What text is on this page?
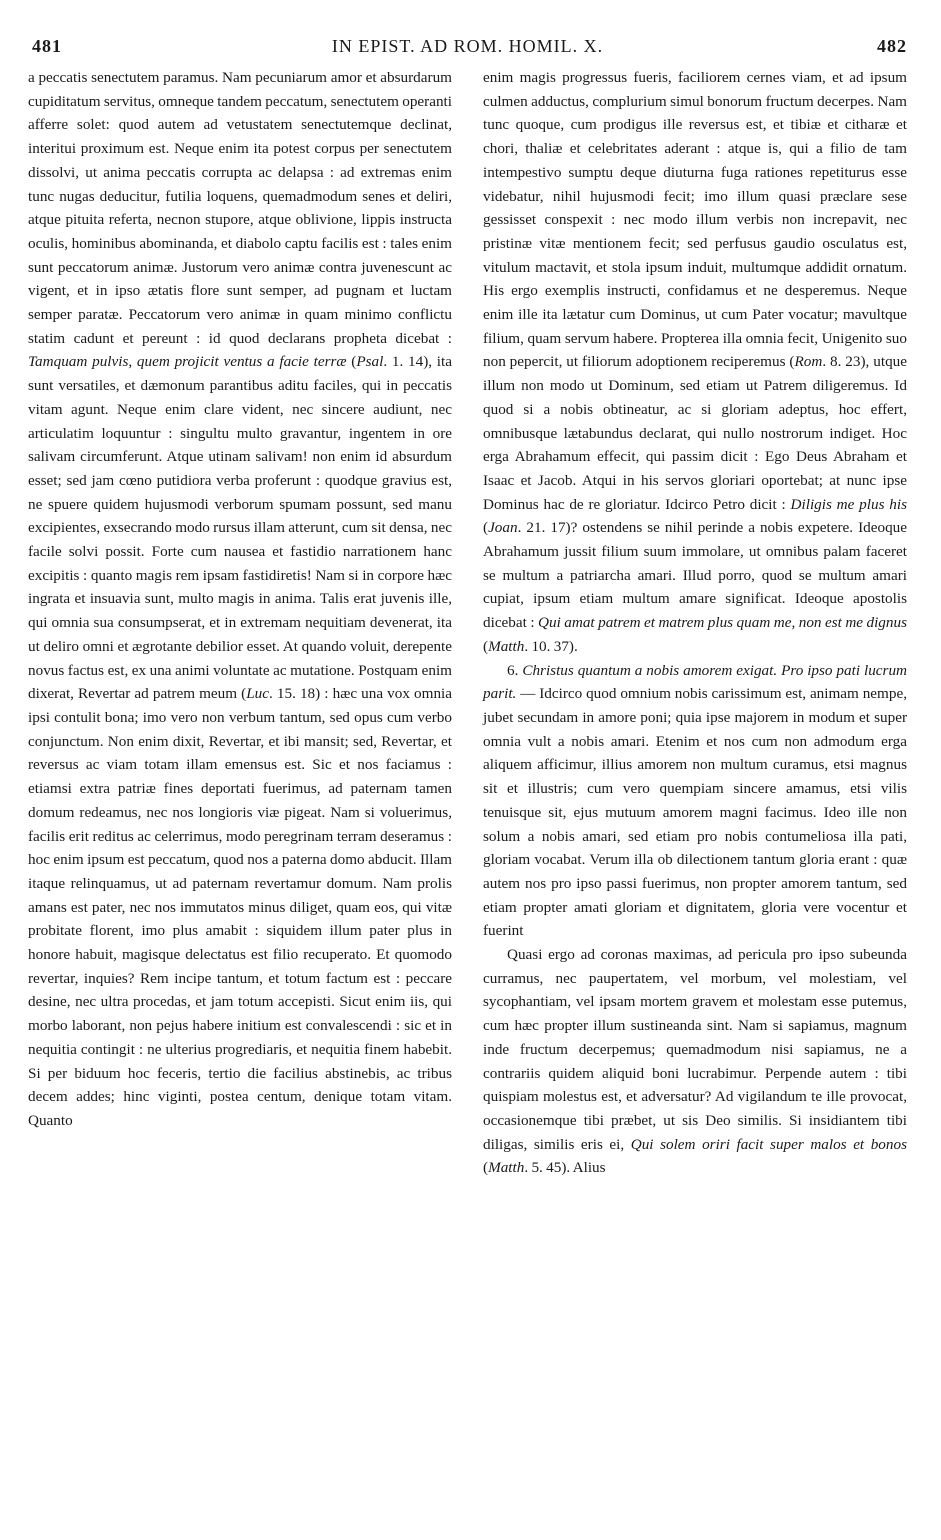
481	IN EPIST. AD ROM. HOMIL. X.	482

a peccatis senectutem paramus. Nam pecuniarum amor et absurdarum cupiditatum servitus, omneque tandem peccatum, senectutem operanti afferre solet: quod autem ad vetustatem senectutemque declinat, interitui proximum est. Neque enim ita potest corpus per senectutem dissolvi, ut anima peccatis corrupta ac delapsa : ad extremas enim tunc nugas deducitur, futilia loquens, quemadmodum senes et deliri, atque pituita referta, necnon stupore, atque oblivione, lippis instructa oculis, hominibus abominanda, et diabolo captu facilis est : tales enim sunt peccatorum animæ. Justorum vero animæ contra juvenescunt ac vigent, et in ipso ætatis flore sunt semper, ad pugnam et luctam semper paratæ. Peccatorum vero animæ in quam minimo conflictu statim cadunt et pereunt : id quod declarans propheta dicebat : Tamquam pulvis, quem projicit ventus a facie terræ (Psal. 1. 14), ita sunt versatiles, et dæmonum parantibus aditu faciles, qui in peccatis vitam agunt. Neque enim clare vident, nec sincere audiunt, nec articulatim loquuntur : singultu multo gravantur, ingentem in ore salivam circumferunt. Atque utinam salivam! non enim id absurdum esset; sed jam cœno putidiora verba proferunt : quodque gravius est, ne spuere quidem hujusmodi verborum spumam possunt, sed manu excipientes, exsecrando modo rursus illam atterunt, cum sit densa, nec facile solvi possit. Forte cum nausea et fastidio narrationem hanc excipitis : quanto magis rem ipsam fastidiretis! Nam si in corpore hæc ingrata et insuavia sunt, multo magis in anima. Talis erat juvenis ille, qui omnia sua consumpserat, et in extremam nequitiam devenerat, ita ut deliro omni et ægrotante debilior esset. At quando voluit, derepente novus factus est, ex una animi voluntate ac mutatione. Postquam enim dixerat, Revertar ad patrem meum (Luc. 15. 18) : hæc una vox omnia ipsi contulit bona; imo vero non verbum tantum, sed opus cum verbo conjunctum. Non enim dixit, Revertar, et ibi mansit; sed, Revertar, et reversus ac viam totam illam emensus est. Sic et nos faciamus : etiamsi extra patriæ fines deportati fuerimus, ad paternam tamen domum redeamus, nec nos longioris viæ pigeat. Nam si voluerimus, facilis erit reditus ac celerrimus, modo peregrinam terram deseramus : hoc enim ipsum est peccatum, quod nos a paterna domo abducit. Illam itaque relinquamus, ut ad paternam revertamur domum. Nam prolis amans est pater, nec nos immutatos minus diliget, quam eos, qui vitæ probitate florent, imo plus amabit : siquidem illum pater plus in honore habuit, magisque delectatus est filio recuperato. Et quomodo revertar, inquies? Rem incipe tantum, et totum factum est : peccare desine, nec ultra procedas, et jam totum accepisti. Sicut enim iis, qui morbo laborant, non pejus habere initium est convalescendi : sic et in nequitia contingit : ne ulterius progrediaris, et nequitia finem habebit. Si per biduum hoc feceris, tertio die facilius abstinebis, ac tribus decem addes; hinc viginti, postea centum, denique totam vitam. Quanto

enim magis progressus fueris, faciliorem cernes viam, et ad ipsum culmen adductus, complurium simul bonorum fructum decerpes. Nam tunc quoque, cum prodigus ille reversus est, et tibiæ et citharæ et chori, thaliæ et celebritates aderant : atque is, qui a filio de tam intempestivo sumptu deque diuturna fuga rationes repetiturus esse videbatur, nihil hujusmodi fecit; imo illum quasi præclare sese gessisset conspexit : nec modo illum verbis non increpavit, nec pristinæ vitæ mentionem fecit; sed perfusus gaudio osculatus est, vitulum mactavit, et stola ipsum induit, multumque addidit ornatum. His ergo exemplis instructi, confidamus et ne desperemus. Neque enim ille ita lætatur cum Dominus, ut cum Pater vocatur; mavultque filium, quam servum habere. Propterea illa omnia fecit, Unigenito suo non pepercit, ut filiorum adoptionem reciperemus (Rom. 8. 23), utque illum non modo ut Dominum, sed etiam ut Patrem diligeremus. Id quod si a nobis obtineatur, ac si gloriam adeptus, hoc effert, omnibusque lætabundus declarat, qui nullo nostrorum indiget. Hoc erga Abrahamum effecit, qui passim dicit : Ego Deus Abraham et Isaac et Jacob. Atqui in his servos gloriari oportebat; at nunc ipse Dominus hac de re gloriatur. Idcirco Petro dicit : Diligis me plus his (Joan. 21. 17)? ostendens se nihil perinde a nobis expetere. Ideoque Abrahamum jussit filium suum immolare, ut omnibus palam faceret se multum a patriarcha amari. Illud porro, quod se multum amari cupiat, ipsum etiam multum amare significat. Ideoque apostolis dicebat : Qui amat patrem et matrem plus quam me, non est me dignus (Matth. 10. 37).

6. Christus quantum a nobis amorem exigat. Pro ipso pati lucrum parit. — Idcirco quod omnium nobis carissimum est, animam nempe, jubet secundam in amore poni; quia ipse majorem in modum et super omnia vult a nobis amari. Etenim et nos cum non admodum erga aliquem afficimur, illius amorem non multum curamus, etsi magnus sit et illustris; cum vero quempiam sincere amamus, etsi vilis tenuisque sit, ejus mutuum amorem magni facimus. Ideo ille non solum a nobis amari, sed etiam pro nobis contumeliosa illa pati, gloriam vocabat. Verum illa ob dilectionem tantum gloria erant : quæ autem nos pro ipso passi fuerimus, non propter amorem tantum, sed etiam propter amati gloriam et dignitatem, gloria vere vocentur et fuerint

Quasi ergo ad coronas maximas, ad pericula pro ipso subeunda curramus, nec paupertatem, vel morbum, vel molestiam, vel sycophantiam, vel ipsam mortem gravem et molestam esse putemus, cum hæc propter illum sustineanda sint. Nam si sapiamus, magnum inde fructum decerpemus; quemadmodum nisi sapiamus, ne a contrariis quidem aliquid boni lucrabimur. Perpende autem : tibi quispiam molestus est, et adversatur? Ad vigilandum te ille provocat, occasionemque tibi præbet, ut sis Deo similis. Si insidiantem tibi diligas, similis eris ei, Qui solem oriri facit super malos et bonos (Matth. 5. 45). Alius
